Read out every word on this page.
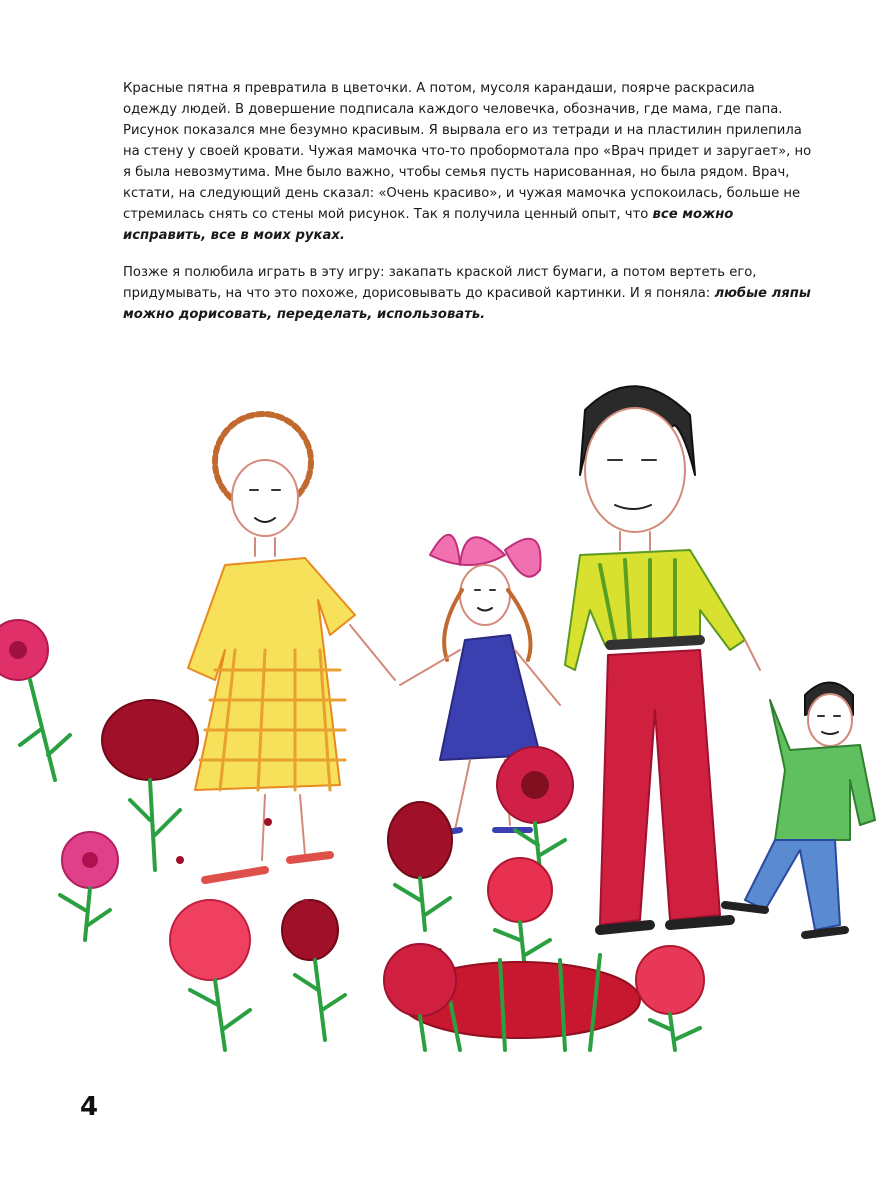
Красные пятна я превратила в цветочки. А потом, мусоля карандаши, поярче раскрасила одежду людей. В довершение подписала каждого человечка, обозначив, где мама, где папа. Рисунок показался мне безумно красивым. Я вырвала его из тетради и на пластилин прилепила на стену у своей кровати. Чужая мамочка что-то пробормотала про «Врач придет и заругает», но я была невозмутима. Мне было важно, чтобы семья пусть нарисованная, но была рядом. Врач, кстати, на следующий день сказал: «Очень красиво», и чужая мамочка успокоилась, больше не стремилась снять со стены мой рисунок. Так я получила ценный опыт, что все можно исправить, все в моих руках.

Позже я полюбила играть в эту игру: закапать краской лист бумаги, а потом вертеть его, придумывать, на что это похоже, дорисовывать до красивой картинки. И я поняла: любые ляпы можно дорисовать, переделать, использовать.

4
